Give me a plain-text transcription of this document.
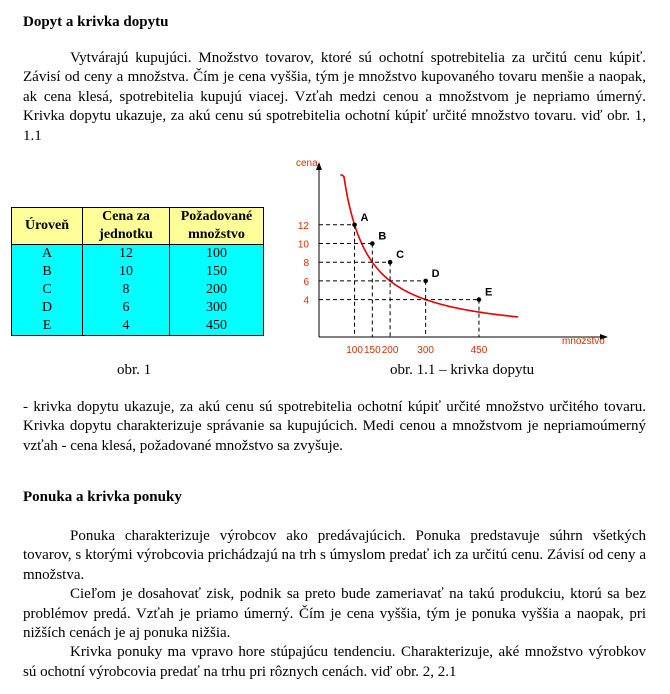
Dopyt a krivka dopytu

Vytvárajú kupujúci. Množstvo tovarov, ktoré sú ochotní spotrebitelia za určitú cenu kúpiť. Závisí od ceny a množstva. Čím je cena vyššia, tým je množstvo kupovaného tovaru menšie a naopak, ak cena klesá, spotrebitelia kupujú viacej. Vzťah medzi cenou a množstvom je nepriamo úmerný. Krivka dopytu ukazuje, za akú cenu sú spotrebitelia ochotní kúpiť určité množstvo tovaru. viď obr. 1, 1.1

Úroveň	Cena za jednotku	Požadované množstvo
A	12	100
B	10	150
C	8	200
D	6	300
E	4	450
cena
množstvo
A
100
12
B
150
10
C
200
8
D
300
6
E
450
4
obr. 1	obr. 1.1 – krivka dopytu

- krivka dopytu ukazuje, za akú cenu sú spotrebitelia ochotní kúpiť určité množstvo určitého tovaru. Krivka dopytu charakterizuje správanie sa kupujúcich. Medi cenou a množstvom je nepriamoúmerný vzťah - cena klesá, požadované množstvo sa zvyšuje.

Ponuka a krivka ponuky

Ponuka charakterizuje výrobcov ako predávajúcich. Ponuka predstavuje súhrn všetkých tovarov, s ktorými výrobcovia prichádzajú na trh s úmyslom predať ich za určitú cenu. Závisí od ceny a množstva.

Cieľom je dosahovať zisk, podnik sa preto bude zameriavať na takú produkciu, ktorú sa bez problémov predá. Vzťah je priamo úmerný. Čím je cena vyššia, tým je ponuka vyššia a naopak, pri nižších cenách je aj ponuka nižšia.

Krivka ponuky ma vpravo hore stúpajúcu tendenciu. Charakterizuje, aké množstvo výrobkov sú ochotní výrobcovia predať na trhu pri rôznych cenách. viď obr. 2, 2.1
